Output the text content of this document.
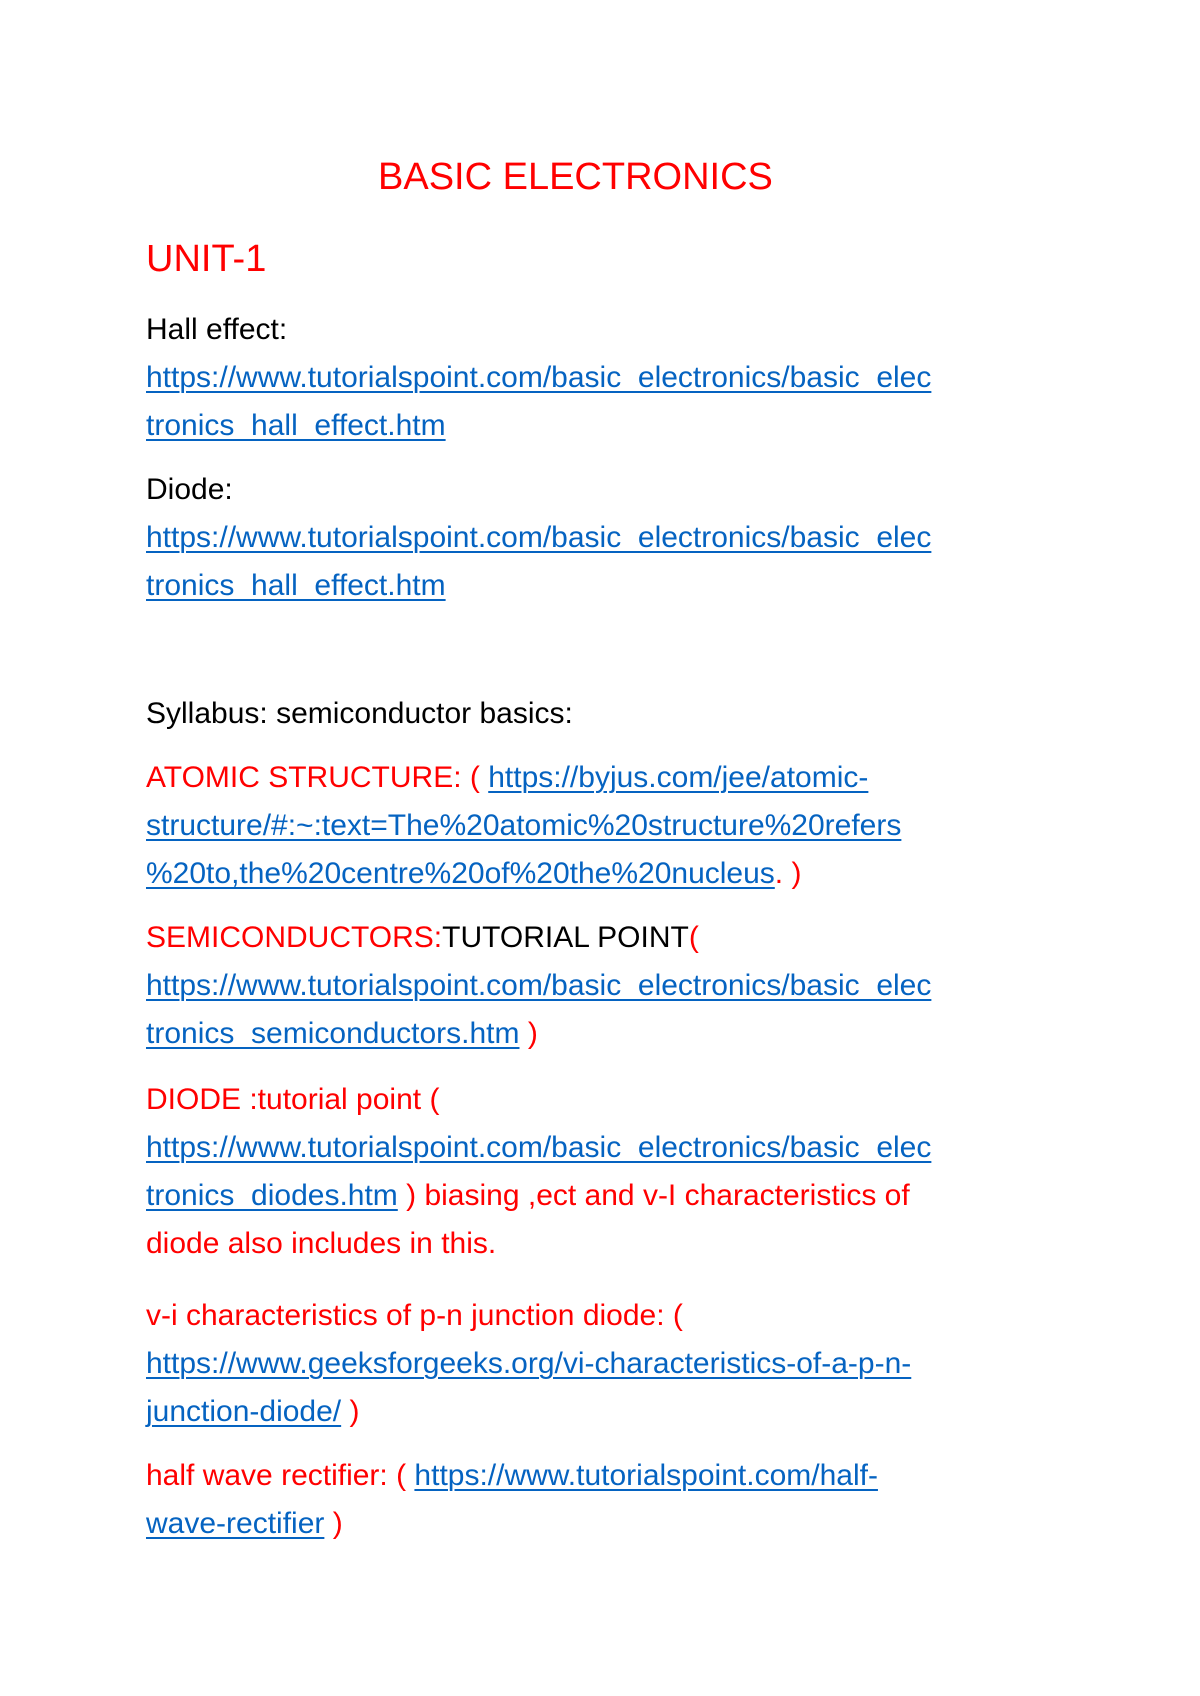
BASIC ELECTRONICS
UNIT-1
Hall effect:
https://www.tutorialspoint.com/basic_electronics/basic_elec
tronics_hall_effect.htm
Diode:
https://www.tutorialspoint.com/basic_electronics/basic_elec
tronics_hall_effect.htm
Syllabus: semiconductor basics:
ATOMIC STRUCTURE: ( https://byjus.com/jee/atomic-
structure/#:~:text=The%20atomic%20structure%20refers
%20to,the%20centre%20of%20the%20nucleus. )
SEMICONDUCTORS:TUTORIAL POINT(
https://www.tutorialspoint.com/basic_electronics/basic_elec
tronics_semiconductors.htm )
DIODE :tutorial point (
https://www.tutorialspoint.com/basic_electronics/basic_elec
tronics_diodes.htm ) biasing ,ect and v-I characteristics of
diode also includes in this.
v-i characteristics of p-n junction diode: (
https://www.geeksforgeeks.org/vi-characteristics-of-a-p-n-
junction-diode/ )
half wave rectifier: ( https://www.tutorialspoint.com/half-
wave-rectifier )
